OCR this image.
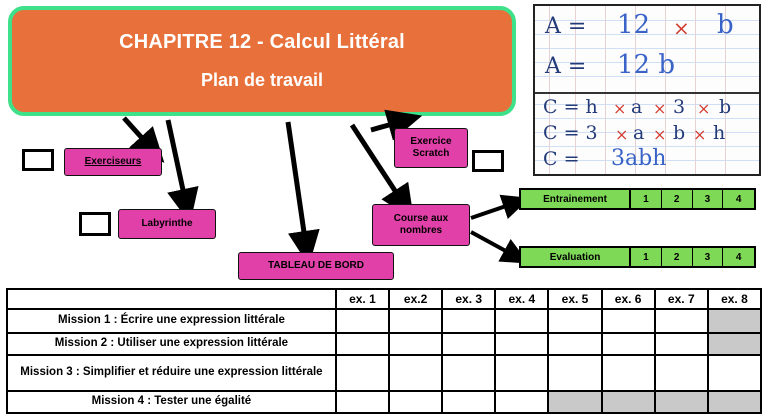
CHAPITRE 12 - Calcul Littéral
Plan de travail
A = 12 × b
A = 12 b
C = h × a × 3 × b
C = 3 × a × b × h
C = 3abh
Exerciseurs
Labyrinthe
TABLEAU DE BORD
Course aux nombres
Exercice Scratch
Entrainement	1	2	3	4
Evaluation	1	2	3	4
	ex. 1	ex.2	ex. 3	ex. 4	ex. 5	ex. 6	ex. 7	ex. 8
Mission 1 : Écrire une expression littérale								
Mission 2 : Utiliser une expression littérale								
Mission 3 : Simplifier et réduire une expression littérale								
Mission 4 : Tester une égalité								
